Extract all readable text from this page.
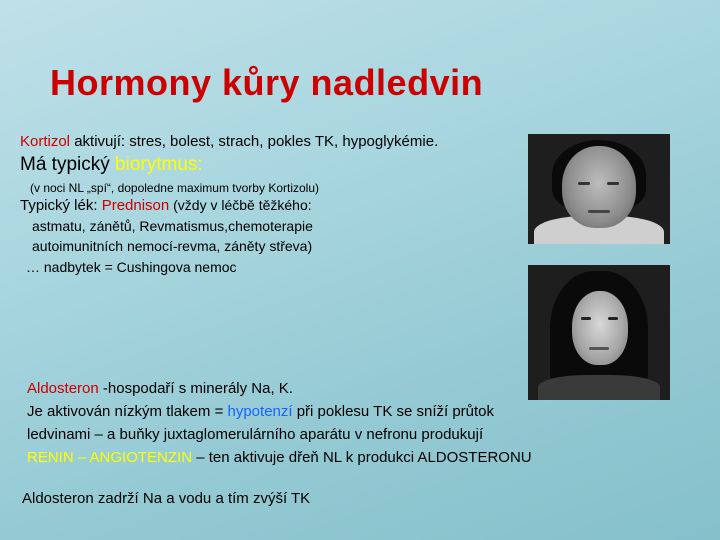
Hormony kůry nadledvin
Kortizol aktivují: stres, bolest, strach, pokles TK, hypoglykémie.
Má typický biorytmus:
(v noci NL „spí“, dopoledne maximum tvorby Kortizolu)
Typický lék: Prednison (vždy v léčbě těžkého:
astmatu, zánětů, Revmatismus,chemoterapie
autoimunitních nemocí-revma, záněty střeva)
… nadbytek = Cushingova nemoc
Aldosteron -hospodaří s minerály Na, K.
Je aktivován nízkým tlakem = hypotenzí při poklesu TK se sníží průtok
ledvinami – a buňky juxtaglomerulárního aparátu v nefronu produkují
RENIN – ANGIOTENZIN – ten aktivuje dřeň NL k produkci ALDOSTERONU
Aldosteron zadrží Na a vodu a tím zvýší TK
